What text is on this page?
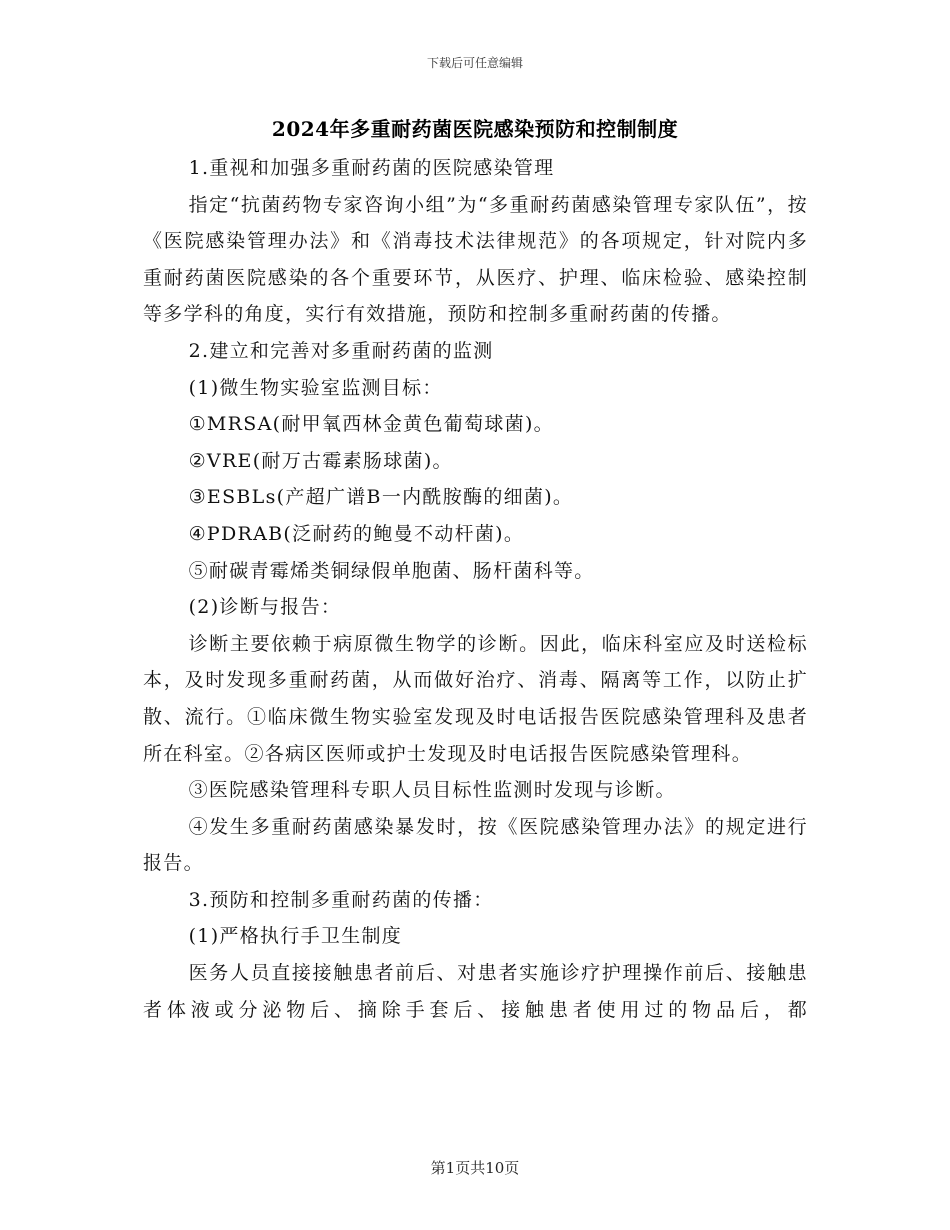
下载后可任意编辑
2024年多重耐药菌医院感染预防和控制制度

1.重视和加强多重耐药菌的医院感染管理

指定“抗菌药物专家咨询小组”为“多重耐药菌感染管理专家队伍”，按《医院感染管理办法》和《消毒技术法律规范》的各项规定，针对院内多重耐药菌医院感染的各个重要环节，从医疗、护理、临床检验、感染控制等多学科的角度，实行有效措施，预防和控制多重耐药菌的传播。

2.建立和完善对多重耐药菌的监测

(1)微生物实验室监测目标：

①MRSA(耐甲氧西林金黄色葡萄球菌)。

②VRE(耐万古霉素肠球菌)。

③ESBLs(产超广谱B一内酰胺酶的细菌)。

④PDRAB(泛耐药的鲍曼不动杆菌)。

⑤耐碳青霉烯类铜绿假单胞菌、肠杆菌科等。

(2)诊断与报告：

诊断主要依赖于病原微生物学的诊断。因此，临床科室应及时送检标本，及时发现多重耐药菌，从而做好治疗、消毒、隔离等工作，以防止扩散、流行。①临床微生物实验室发现及时电话报告医院感染管理科及患者所在科室。②各病区医师或护士发现及时电话报告医院感染管理科。

③医院感染管理科专职人员目标性监测时发现与诊断。

④发生多重耐药菌感染暴发时，按《医院感染管理办法》的规定进行报告。

3.预防和控制多重耐药菌的传播：

(1)严格执行手卫生制度

医务人员直接接触患者前后、对患者实施诊疗护理操作前后、接触患者体液或分泌物后、摘除手套后、接触患者使用过的物品后，都

第1页共10页
